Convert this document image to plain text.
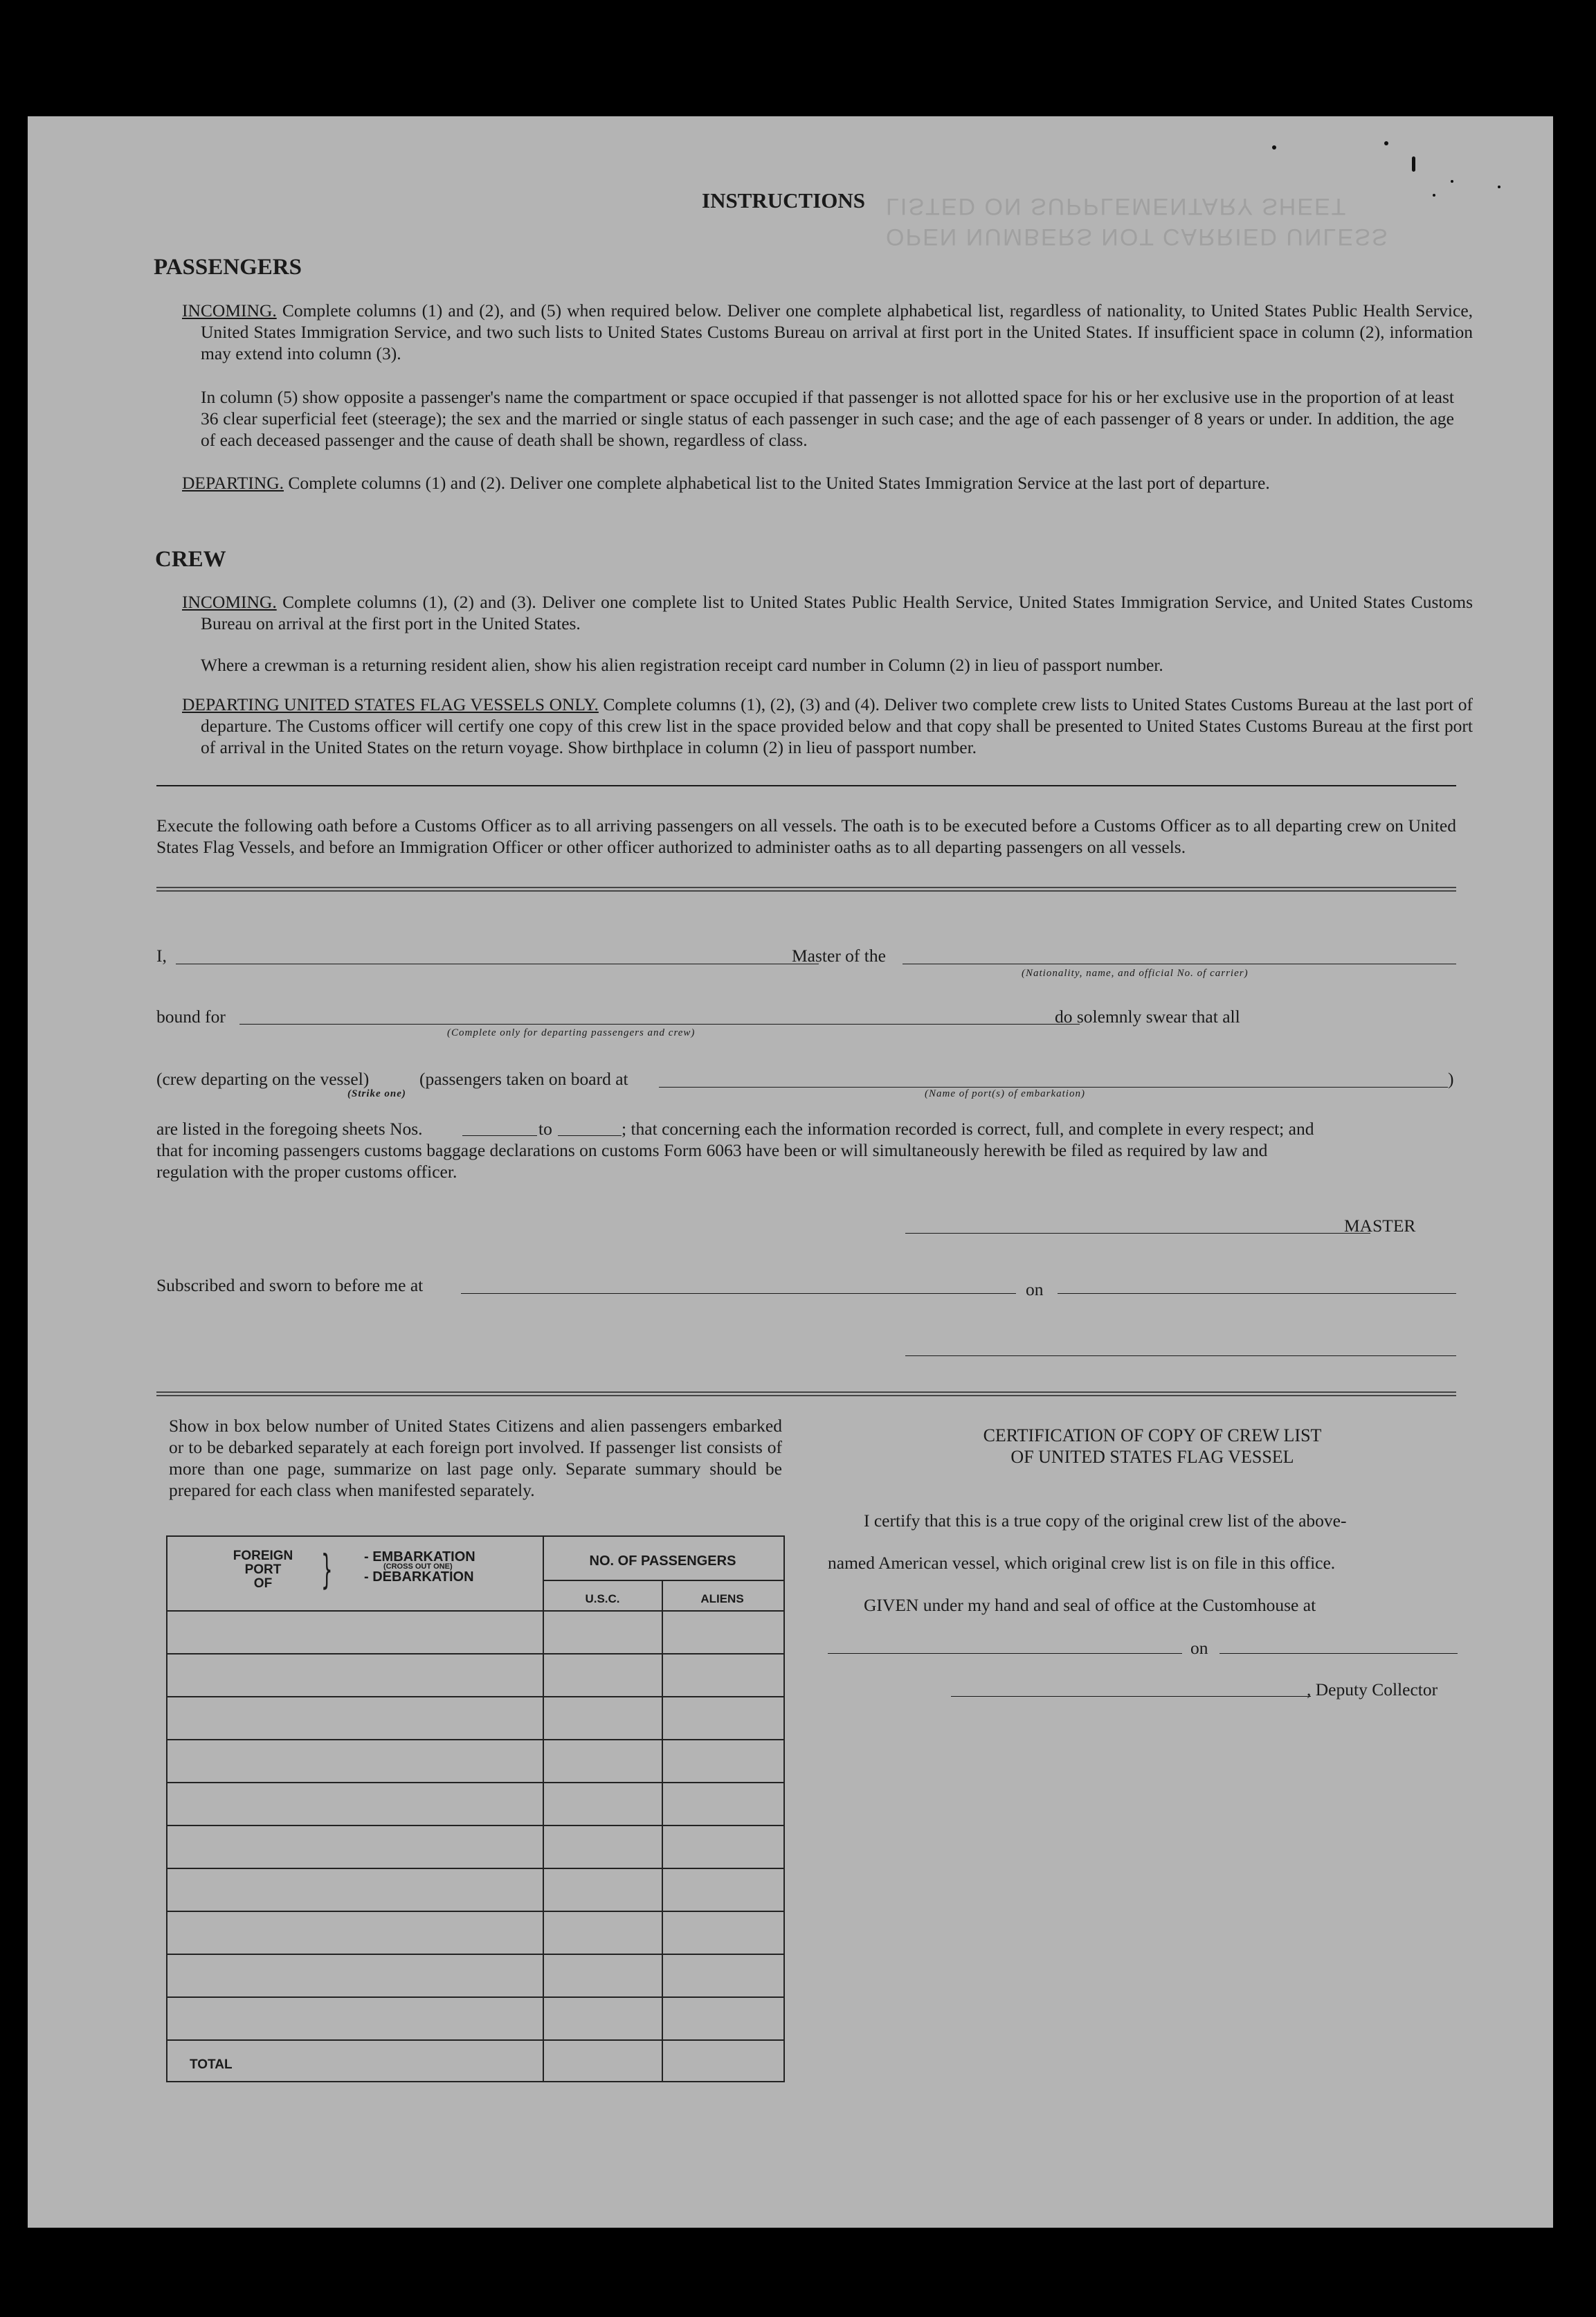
INSTRUCTIONS
OPEN NUMBERS NOT CARRIED UNLESS
LISTED ON SUPPLEMENTARY SHEET
PASSENGERS
INCOMING. Complete columns (1) and (2), and (5) when required below. Deliver one complete alphabetical list, regardless of nationality, to United States Public Health Service, United States Immigration Service, and two such lists to United States Customs Bureau on arrival at first port in the United States. If insufficient space in column (2), information may extend into column (3).
In column (5) show opposite a passenger's name the compartment or space occupied if that passenger is not allotted space for his or her exclusive use in the proportion of at least 36 clear superficial feet (steerage); the sex and the married or single status of each passenger in such case; and the age of each passenger of 8 years or under. In addition, the age of each deceased passenger and the cause of death shall be shown, regardless of class.
DEPARTING. Complete columns (1) and (2). Deliver one complete alphabetical list to the United States Immigration Service at the last port of departure.
CREW
INCOMING. Complete columns (1), (2) and (3). Deliver one complete list to United States Public Health Service, United States Immigration Service, and United States Customs Bureau on arrival at the first port in the United States.
Where a crewman is a returning resident alien, show his alien registration receipt card number in Column (2) in lieu of passport number.
DEPARTING UNITED STATES FLAG VESSELS ONLY. Complete columns (1), (2), (3) and (4). Deliver two complete crew lists to United States Customs Bureau at the last port of departure. The Customs officer will certify one copy of this crew list in the space provided below and that copy shall be presented to United States Customs Bureau at the first port of arrival in the United States on the return voyage. Show birthplace in column (2) in lieu of passport number.
Execute the following oath before a Customs Officer as to all arriving passengers on all vessels. The oath is to be executed before a Customs Officer as to all departing crew on United States Flag Vessels, and before an Immigration Officer or other officer authorized to administer oaths as to all departing passengers on all vessels.
I,	Master of the
(Nationality, name, and official No. of carrier)
bound for
(Complete only for departing passengers and crew)
do solemnly swear that all
(crew departing on the vessel)	(passengers taken on board at	)
(Strike one)	(Name of port(s) of embarkation)
are listed in the foregoing sheets Nos.	to	; that concerning each the information recorded is correct, full, and complete in every respect; and
that for incoming passengers customs baggage declarations on customs Form 6063 have been or will simultaneously herewith be filed as required by law and
regulation with the proper customs officer.
MASTER
Subscribed and sworn to before me at	on
Show in box below number of United States Citizens and alien passengers embarked or to be debarked separately at each foreign port involved. If passenger list consists of more than one page, summarize on last page only. Separate summary should be prepared for each class when manifested separately.
FOREIGN
PORT
OF	} - EMBARKATION
(CROSS OUT ONE)
- DEBARKATION
NO. OF PASSENGERS
U.S.C.	ALIENS
TOTAL
CERTIFICATION OF COPY OF CREW LIST
OF UNITED STATES FLAG VESSEL
I certify that this is a true copy of the original crew list of the above-
named American vessel, which original crew list is on file in this office.
GIVEN under my hand and seal of office at the Customhouse at
on
, Deputy Collector
